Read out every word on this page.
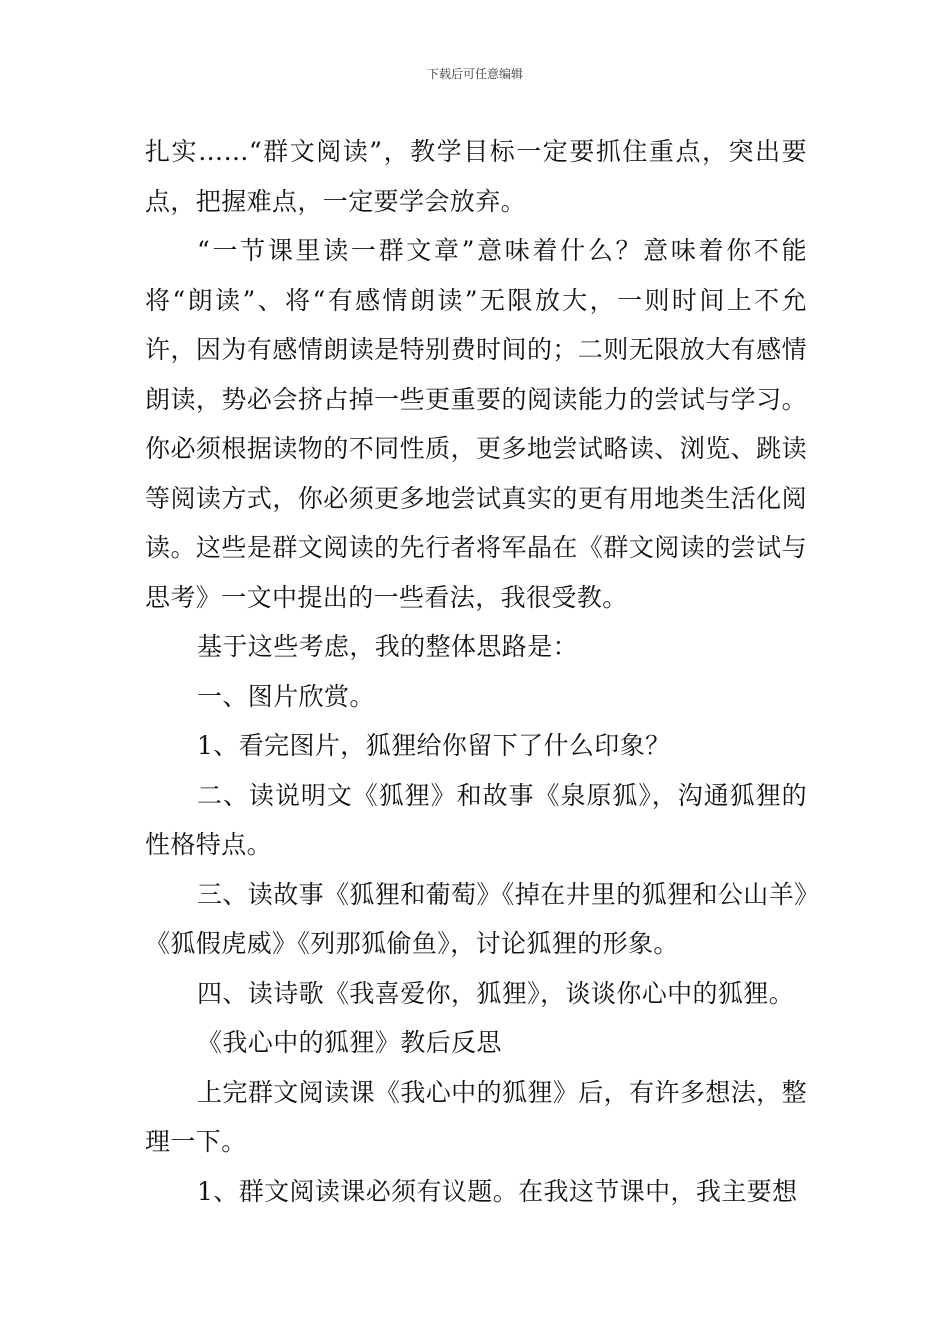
下载后可任意编辑

扎实……“群文阅读”，教学目标一定要抓住重点，突出要点，把握难点，一定要学会放弃。

“一节课里读一群文章”意味着什么？意味着你不能将“朗读”、将“有感情朗读”无限放大，一则时间上不允许，因为有感情朗读是特别费时间的；二则无限放大有感情朗读，势必会挤占掉一些更重要的阅读能力的尝试与学习。你必须根据读物的不同性质，更多地尝试略读、浏览、跳读等阅读方式，你必须更多地尝试真实的更有用地类生活化阅读。这些是群文阅读的先行者将军晶在《群文阅读的尝试与思考》一文中提出的一些看法，我很受教。

基于这些考虑，我的整体思路是：

一、图片欣赏。

1、看完图片，狐狸给你留下了什么印象？

二、读说明文《狐狸》和故事《泉原狐》，沟通狐狸的性格特点。

三、读故事《狐狸和葡萄》《掉在井里的狐狸和公山羊》《狐假虎威》《列那狐偷鱼》，讨论狐狸的形象。

四、读诗歌《我喜爱你，狐狸》，谈谈你心中的狐狸。

《我心中的狐狸》教后反思

上完群文阅读课《我心中的狐狸》后，有许多想法，整理一下。

1、群文阅读课必须有议题。在我这节课中，我主要想
